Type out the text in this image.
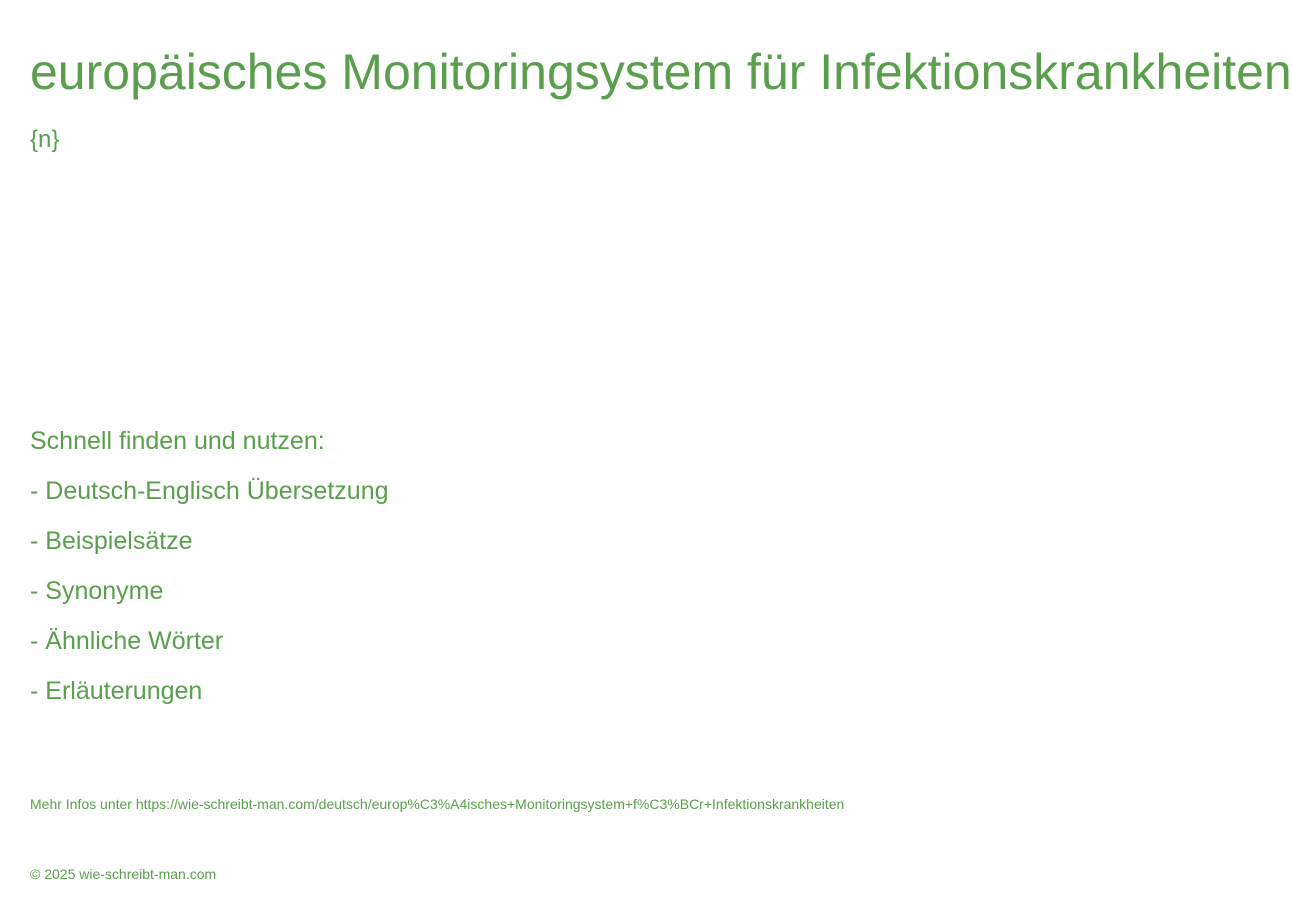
europäisches Monitoringsystem für Infektionskrankheiten
{n}
Schnell finden und nutzen:
- Deutsch-Englisch Übersetzung
- Beispielsätze
- Synonyme
- Ähnliche Wörter
- Erläuterungen
Mehr Infos unter https://wie-schreibt-man.com/deutsch/europ%C3%A4isches+Monitoringsystem+f%C3%BCr+Infektionskrankheiten
© 2025 wie-schreibt-man.com
